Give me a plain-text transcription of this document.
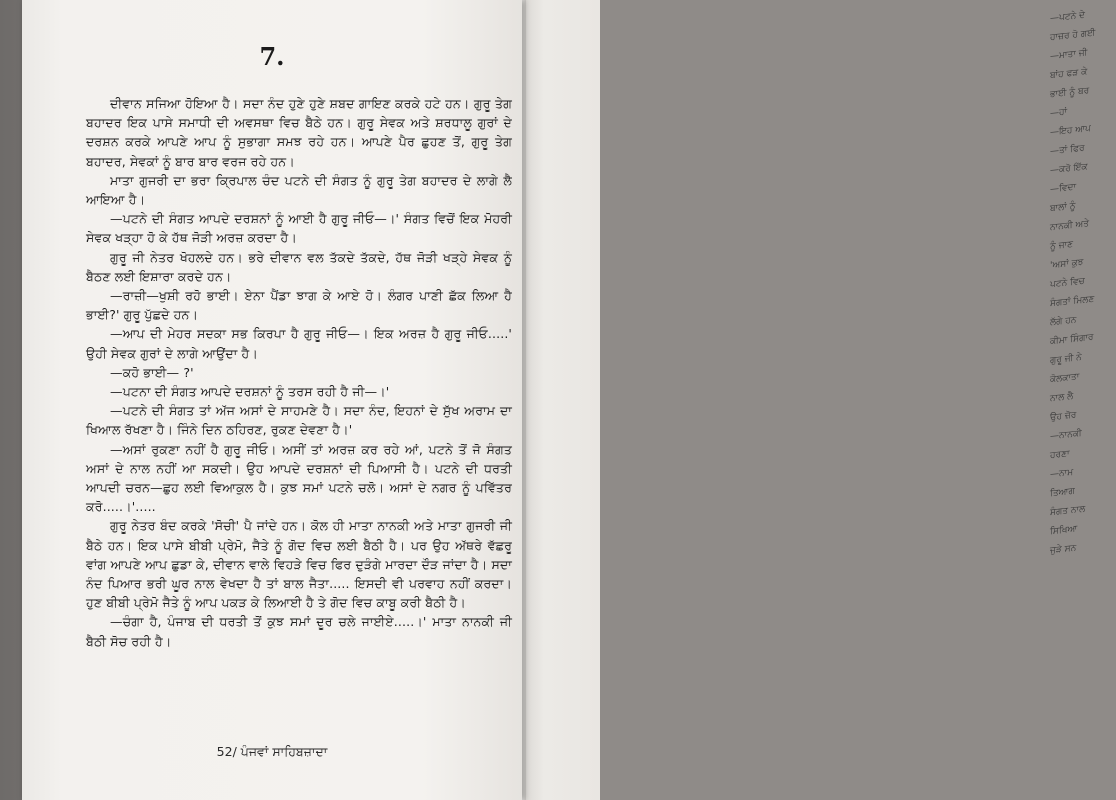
—ਪਟਨੇ ਦੇ
ਹਾਜ਼ਰ ਹੋ ਗਈ
—ਮਾਤਾ ਜੀ
ਬਾਂਹ ਫੜ ਕੇ
ਭਾਈ ਨੂੰ ਬਰ
—ਹਾਂ
—ਇਹ ਆਪ
—ਤਾਂ ਫਿਰ
—ਕਰੋ ਇੱਕ
—ਵਿਦਾ
ਬਾਲਾਂ ਨੂੰ
ਨਾਨਕੀ ਅਤੇ
ਨੂੰ ਜਾਣ
'ਅਸਾਂ ਕੁਝ
ਪਟਨੇ ਵਿਚ
ਸੰਗਤਾਂ ਮਿਲਣ
ਲੱਗੇ ਹਨ
ਕੀਮਾ ਸਿੰਗਾਰ
ਗੁਰੂ ਜੀ ਨੇ
ਕੋਲਕਾਤਾ
ਨਾਲ ਲੈ
ਉਹ ਜ਼ੋਰ
—ਨਾਨਕੀ
ਹਰਣਾ
—ਨਾਮ
ਤਿਆਗ
ਸੰਗਤ ਨਾਲ
ਸਿਖਿਆ
ਜੁੜੇ ਸਨ
7.

ਦੀਵਾਨ ਸਜਿਆ ਹੋਇਆ ਹੈ। ਸਦਾ ਨੰਦ ਹੁਣੇ ਹੁਣੇ ਸ਼ਬਦ ਗਾਇਣ ਕਰਕੇ ਹਟੇ ਹਨ। ਗੁਰੂ ਤੇਗ ਬਹਾਦਰ ਇਕ ਪਾਸੇ ਸਮਾਧੀ ਦੀ ਅਵਸਥਾ ਵਿਚ ਬੈਠੇ ਹਨ। ਗੁਰੂ ਸੇਵਕ ਅਤੇ ਸ਼ਰਧਾਲੂ ਗੁਰਾਂ ਦੇ ਦਰਸ਼ਨ ਕਰਕੇ ਆਪਣੇ ਆਪ ਨੂੰ ਸੁਭਾਗਾ ਸਮਝ ਰਹੇ ਹਨ। ਆਪਣੇ ਪੈਰ ਛੁਹਣ ਤੋਂ, ਗੁਰੂ ਤੇਗ ਬਹਾਦਰ, ਸੇਵਕਾਂ ਨੂੰ ਬਾਰ ਬਾਰ ਵਰਜ ਰਹੇ ਹਨ।

ਮਾਤਾ ਗੁਜਰੀ ਦਾ ਭਰਾ ਕ੍ਰਿਪਾਲ ਚੰਦ ਪਟਨੇ ਦੀ ਸੰਗਤ ਨੂੰ ਗੁਰੂ ਤੇਗ ਬਹਾਦਰ ਦੇ ਲਾਗੇ ਲੈ ਆਇਆ ਹੈ।

—ਪਟਨੇ ਦੀ ਸੰਗਤ ਆਪਦੇ ਦਰਸ਼ਨਾਂ ਨੂੰ ਆਈ ਹੈ ਗੁਰੂ ਜੀਓ—।' ਸੰਗਤ ਵਿਚੋਂ ਇਕ ਮੋਹਰੀ ਸੇਵਕ ਖੜ੍ਹਾ ਹੋ ਕੇ ਹੱਥ ਜੋੜੀ ਅਰਜ਼ ਕਰਦਾ ਹੈ।

ਗੁਰੂ ਜੀ ਨੇਤਰ ਖੋਹਲਦੇ ਹਨ। ਭਰੇ ਦੀਵਾਨ ਵਲ ਤੱਕਦੇ ਤੱਕਦੇ, ਹੱਥ ਜੋੜੀ ਖੜ੍ਹੇ ਸੇਵਕ ਨੂੰ ਬੈਠਣ ਲਈ ਇਸ਼ਾਰਾ ਕਰਦੇ ਹਨ।

—ਰਾਜ਼ੀ—ਖੁਸ਼ੀ ਰਹੋ ਭਾਈ। ਏਨਾ ਪੈਂਡਾ ਝਾਗ ਕੇ ਆਏ ਹੋ। ਲੰਗਰ ਪਾਣੀ ਛੱਕ ਲਿਆ ਹੈ ਭਾਈ?' ਗੁਰੂ ਪੁੱਛਦੇ ਹਨ।

—ਆਪ ਦੀ ਮੇਹਰ ਸਦਕਾ ਸਭ ਕਿਰਪਾ ਹੈ ਗੁਰੂ ਜੀਓ—। ਇਕ ਅਰਜ਼ ਹੈ ਗੁਰੂ ਜੀਓ.....' ਉਹੀ ਸੇਵਕ ਗੁਰਾਂ ਦੇ ਲਾਗੇ ਆਉਂਦਾ ਹੈ।

—ਕਹੋ ਭਾਈ— ?'

—ਪਟਨਾ ਦੀ ਸੰਗਤ ਆਪਦੇ ਦਰਸ਼ਨਾਂ ਨੂੰ ਤਰਸ ਰਹੀ ਹੈ ਜੀ—।'

—ਪਟਨੇ ਦੀ ਸੰਗਤ ਤਾਂ ਅੱਜ ਅਸਾਂ ਦੇ ਸਾਹਮਣੇ ਹੈ। ਸਦਾ ਨੰਦ, ਇਹਨਾਂ ਦੇ ਸੁੱਖ ਅਰਾਮ ਦਾ ਖਿਆਲ ਰੱਖਣਾ ਹੈ। ਜਿੰਨੇ ਦਿਨ ਠਹਿਰਣ, ਰੁਕਣ ਦੇਵਣਾ ਹੈ।'

—ਅਸਾਂ ਰੁਕਣਾ ਨਹੀਂ ਹੈ ਗੁਰੂ ਜੀਓ। ਅਸੀਂ ਤਾਂ ਅਰਜ਼ ਕਰ ਰਹੇ ਆਂ, ਪਟਨੇ ਤੋਂ ਜੋ ਸੰਗਤ ਅਸਾਂ ਦੇ ਨਾਲ ਨਹੀਂ ਆ ਸਕਦੀ। ਉਹ ਆਪਦੇ ਦਰਸ਼ਨਾਂ ਦੀ ਪਿਆਸੀ ਹੈ। ਪਟਨੇ ਦੀ ਧਰਤੀ ਆਪਦੀ ਚਰਨ—ਛੁਹ ਲਈ ਵਿਆਕੁਲ ਹੈ। ਕੁਝ ਸਮਾਂ ਪਟਨੇ ਚਲੋ। ਅਸਾਂ ਦੇ ਨਗਰ ਨੂੰ ਪਵਿੱਤਰ ਕਰੋ.....।'.....

ਗੁਰੂ ਨੇਤਰ ਬੰਦ ਕਰਕੇ 'ਸੋਚੀ' ਪੈ ਜਾਂਦੇ ਹਨ। ਕੋਲ ਹੀ ਮਾਤਾ ਨਾਨਕੀ ਅਤੇ ਮਾਤਾ ਗੁਜਰੀ ਜੀ ਬੈਠੇ ਹਨ। ਇਕ ਪਾਸੇ ਬੀਬੀ ਪ੍ਰੇਮੋ, ਜੈਤੇ ਨੂੰ ਗੋਦ ਵਿਚ ਲਈ ਬੈਠੀ ਹੈ। ਪਰ ਉਹ ਅੱਥਰੇ ਵੱਛਰੂ ਵਾਂਗ ਆਪਣੇ ਆਪ ਛੁਡਾ ਕੇ, ਦੀਵਾਨ ਵਾਲੇ ਵਿਹੜੇ ਵਿਚ ਫਿਰ ਦੁੜੰਗੇ ਮਾਰਦਾ ਦੌੜ ਜਾਂਦਾ ਹੈ। ਸਦਾ ਨੰਦ ਪਿਆਰ ਭਰੀ ਘੂਰ ਨਾਲ ਵੇਖਦਾ ਹੈ ਤਾਂ ਬਾਲ ਜੈਤਾ..... ਇਸਦੀ ਵੀ ਪਰਵਾਹ ਨਹੀਂ ਕਰਦਾ। ਹੁਣ ਬੀਬੀ ਪ੍ਰੇਮੋ ਜੈਤੇ ਨੂੰ ਆਪ ਪਕੜ ਕੇ ਲਿਆਈ ਹੈ ਤੇ ਗੋਦ ਵਿਚ ਕਾਬੂ ਕਰੀ ਬੈਠੀ ਹੈ।

—ਚੰਗਾ ਹੈ, ਪੰਜਾਬ ਦੀ ਧਰਤੀ ਤੋਂ ਕੁਝ ਸਮਾਂ ਦੂਰ ਚਲੇ ਜਾਈਏ.....।' ਮਾਤਾ ਨਾਨਕੀ ਜੀ ਬੈਠੀ ਸੋਚ ਰਹੀ ਹੈ।

52/ ਪੰਜਵਾਂ ਸਾਹਿਬਜ਼ਾਦਾ
